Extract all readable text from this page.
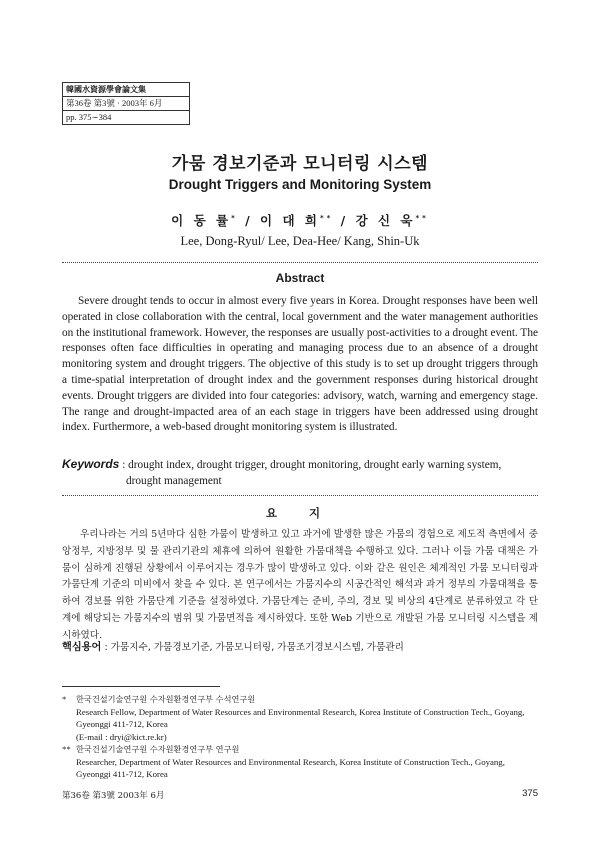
韓國水資源學會論文集
第36卷 第3號 · 2003年 6月
pp. 375∼384
가뭄 경보기준과 모니터링 시스템
Drought Triggers and Monitoring System
이 동 률* / 이 대 희** / 강 신 욱**
Lee, Dong-Ryul/ Lee, Dea-Hee/ Kang, Shin-Uk
Abstract

Severe drought tends to occur in almost every five years in Korea. Drought responses have been well operated in close collaboration with the central, local government and the water management authorities on the institutional framework. However, the responses are usually post-activities to a drought event. The responses often face difficulties in operating and managing process due to an absence of a drought monitoring system and drought triggers. The objective of this study is to set up drought triggers through a time-spatial interpretation of drought index and the government responses during historical drought events. Drought triggers are divided into four categories: advisory, watch, warning and emergency stage. The range and drought-impacted area of an each stage in triggers have been addressed using drought index. Furthermore, a web-based drought monitoring system is illustrated.

Keywords : drought index, drought trigger, drought monitoring, drought early warning system,
drought management
요 지

우리나라는 거의 5년마다 심한 가뭄이 발생하고 있고 과거에 발생한 많은 가뭄의 경험으로 제도적 측면에서 중앙정부, 지방정부 및 물 관리기관의 체휴에 의하여 원활한 가뭄대책을 수행하고 있다. 그러나 이들 가뭄 대책은 가뭄이 심하게 진행된 상황에서 이루어지는 경우가 많이 발생하고 있다. 이와 같은 원인은 체계적인 가뭄 모니터링과 가뭄단계 기준의 미비에서 찾을 수 있다. 본 연구에서는 가뭄지수의 시공간적인 해석과 과거 정부의 가뭄대책을 통하여 경보를 위한 가뭄단계 기준을 설정하였다. 가뭄단계는 준비, 주의, 경보 및 비상의 4단계로 분류하였고 각 단계에 해당되는 가뭄지수의 범위 및 가뭄면적을 제시하였다. 또한 Web 기반으로 개발된 가뭄 모니터링 시스템을 제시하였다.

핵심용어 : 가뭄지수, 가뭄경보기준, 가뭄모니터링, 가뭄조기경보시스템, 가뭄관리
* 한국건설기술연구원 수자원환경연구부 수석연구원
Research Fellow, Department of Water Resources and Environmental Research, Korea Institute of Construction Tech., Goyang, Gyeonggi 411-712, Korea
(E-mail : dryi@kict.re.kr)
** 한국건설기술연구원 수자원환경연구부 연구원
Researcher, Department of Water Resources and Environmental Research, Korea Institute of Construction Tech., Goyang, Gyeonggi 411-712, Korea
第36卷 第3號 2003年 6月	375
